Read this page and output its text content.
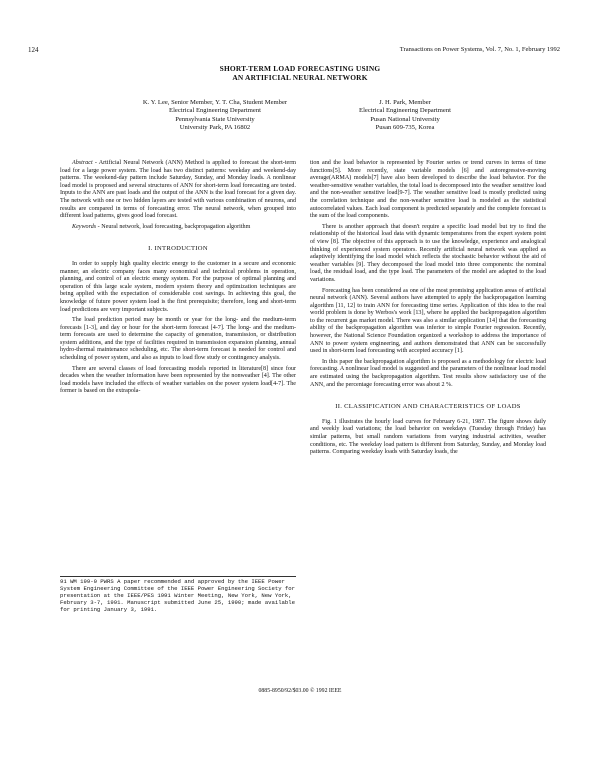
124	Transactions on Power Systems, Vol. 7, No. 1, February 1992
SHORT-TERM LOAD FORECASTING USING
AN ARTIFICIAL NEURAL NETWORK
K. Y. Lee, Senior Member, Y. T. Cha, Student Member
Electrical Engineering Department
Pennsylvania State University
University Park, PA 16802
J. H. Park, Member
Electrical Engineering Department
Pusan National University
Pusan 609-735, Korea

Abstract - Artificial Neural Network (ANN) Method is applied to forecast the short-term load for a large power system. The load has two distinct patterns: weekday and weekend-day patterns. The weekend-day pattern include Saturday, Sunday, and Monday loads. A nonlinear load model is proposed and several structures of ANN for short-term load forecasting are tested. Inputs to the ANN are past loads and the output of the ANN is the load forecast for a given day. The network with one or two hidden layers are tested with various combination of neurons, and results are compared in terms of forecasting error. The neural network, when grouped into different load patterns, gives good load forecast.

Keywords - Neural network, load forecasting, backpropagation algorithm

I. INTRODUCTION

In order to supply high quality electric energy to the customer in a secure and economic manner, an electric company faces many economical and technical problems in operation, planning, and control of an electric energy system. For the purpose of optimal planning and operation of this large scale system, modern system theory and optimization techniques are being applied with the expectation of considerable cost savings. In achieving this goal, the knowledge of future power system load is the first prerequisite; therefore, long and short-term load predictions are very important subjects.

The load prediction period may be month or year for the long- and the medium-term forecasts [1-3], and day or hour for the short-term forecast [4-7]. The long- and the medium-term forecasts are used to determine the capacity of generation, transmission, or distribution system additions, and the type of facilities required in transmission expansion planning, annual hydro-thermal maintenance scheduling, etc. The short-term forecast is needed for control and scheduling of power system, and also as inputs to load flow study or contingency analysis.

There are several classes of load forecasting models reported in literature[8] since four decades when the weather information have been represented by the nonweather [4]. The other load models have included the effects of weather variables on the power system load[4-7]. The former is based on the extrapola-

91 WM 199-0 PWRS A paper recommended and approved by the IEEE Power System Engineering Committee of the IEEE Power Engineering Society for presentation at the IEEE/PES 1991 Winter Meeting, New York, New York, February 3-7, 1991. Manuscript submitted June 25, 1990; made available for printing January 3, 1991.

tion and the load behavior is represented by Fourier series or trend curves in terms of time functions[5]. More recently, state variable models [6] and autoregressive-moving average(ARMA) models[7] have also been developed to describe the load behavior. For the weather-sensitive weather variables, the total load is decomposed into the weather sensitive load and the non-weather sensitive load[9-7]. The weather sensitive load is mostly predicted using the correlation technique and the non-weather sensitive load is modeled as the statistical autocorrelated values. Each load component is predicted separately and the complete forecast is the sum of the load components.

There is another approach that doesn't require a specific load model but try to find the relationship of the historical load data with dynamic temperatures from the expert system point of view [8]. The objective of this approach is to use the knowledge, experience and analogical thinking of experienced system operators. Recently artificial neural network was applied as adaptively identifying the load model which reflects the stochastic behavior without the aid of weather variables [9]. They decomposed the load model into three components: the nominal load, the residual load, and the type load. The parameters of the model are adapted to the load variations.

Forecasting has been considered as one of the most promising application areas of artificial neural network (ANN). Several authors have attempted to apply the backpropagation learning algorithm [11, 12] to train ANN for forecasting time series. Application of this idea to the real world problem is done by Werbos's work [13], where he applied the backpropagation algorithm to the recurrent gas market model. There was also a similar application [14] that the forecasting ability of the backpropagation algorithm was inferior to simple Fourier regression. Recently, however, the National Science Foundation organized a workshop to address the importance of ANN to power system engineering, and authors demonstrated that ANN can be successfully used in short-term load forecasting with accepted accuracy [1].

In this paper the backpropagation algorithm is proposed as a methodology for electric load forecasting. A nonlinear load model is suggested and the parameters of the nonlinear load model are estimated using the backpropagation algorithm. Test results show satisfactory use of the ANN, and the percentage forecasting error was about 2 %.

II. CLASSIFICATION AND CHARACTERISTICS OF LOADS

Fig. 1 illustrates the hourly load curves for February 6-21, 1987. The figure shows daily and weekly load variations; the load behavior on weekdays (Tuesday through Friday) has similar patterns, but small random variations from varying industrial activities, weather conditions, etc. The weekday load pattern is different from Saturday, Sunday, and Monday load patterns. Comparing weekday loads with Saturday loads, the

0885-8950/92/$03.00 © 1992 IEEE
